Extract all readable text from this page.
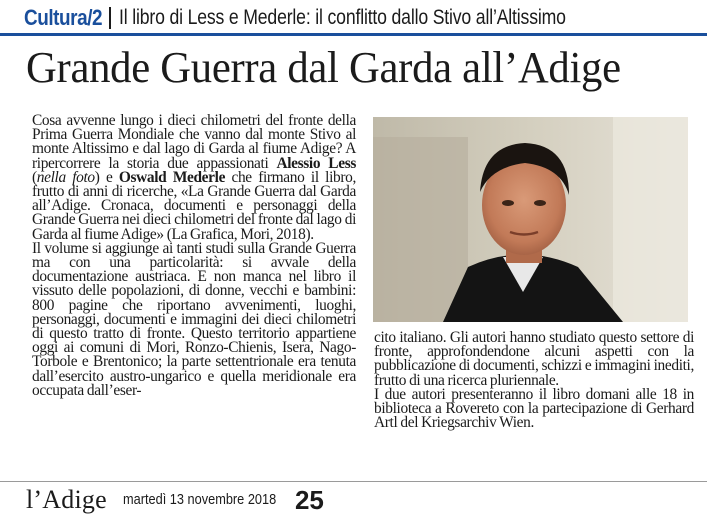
Cultura/2 Il libro di Less e Mederle: il conflitto dallo Stivo all’Altissimo
Grande Guerra dal Garda all’Adige

Cosa avvenne lungo i dieci chilometri del fronte della Prima Guerra Mondiale che vanno dal monte Stivo al monte Altissimo e dal lago di Garda al fiume Adige? A ripercorrere la storia due appassionati Alessio Less (nella foto) e Oswald Mederle che firmano il libro, frutto di anni di ricerche, «La Grande Guerra dal Garda all’Adige. Cronaca, documenti e personaggi della Grande Guerra nei dieci chilometri del fronte dal lago di Garda al fiume Adige» (La Grafica, Mori, 2018).

Il volume si aggiunge ai tanti studi sulla Grande Guerra ma con una particolarità: si avvale della documentazione austriaca. E non manca nel libro il vissuto delle popolazioni, di donne, vecchi e bambini: 800 pagine che riportano avvenimenti, luoghi, personaggi, documenti e immagini dei dieci chilometri di questo tratto di fronte. Questo territorio appartiene oggi ai comuni di Mori, Ronzo-Chienis, Isera, Nago-Torbole e Brentonico; la parte settentrionale era tenuta dall’esercito austro-ungarico e quella meridionale era occupata dall’eser-

cito italiano. Gli autori hanno studiato questo settore di fronte, approfondendone alcuni aspetti con la pubblicazione di documenti, schizzi e immagini inediti, frutto di una ricerca pluriennale.

I due autori presenteranno il libro domani alle 18 in biblioteca a Rovereto con la partecipazione di Gerhard Artl del Kriegsarchiv Wien.

l’Adige martedì 13 novembre 2018 25
